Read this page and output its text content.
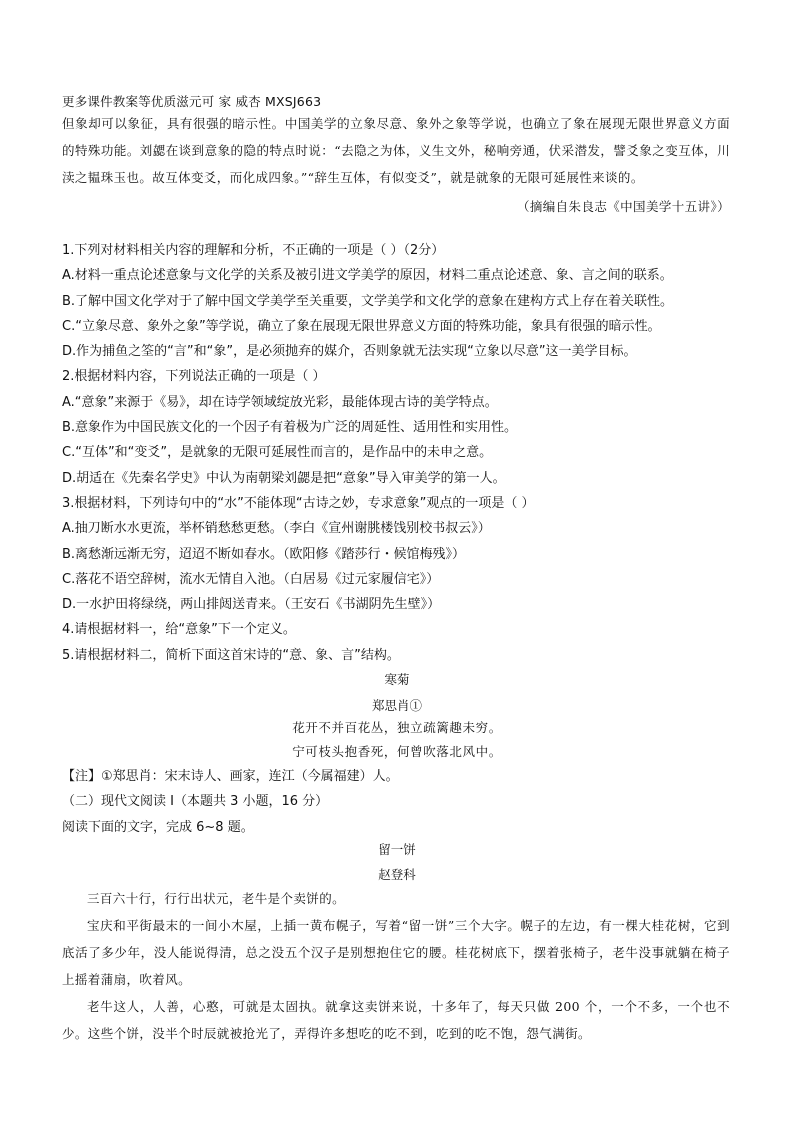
更多课件教案等优质滋元可 家 威杏 MXSJ663

但象却可以象征，具有很强的暗示性。中国美学的立象尽意、象外之象等学说，也确立了象在展现无限世界意义方面的特殊功能。刘勰在谈到意象的隐的特点时说：“去隐之为体，义生文外，秘响旁通，伏采潜发，譬爻象之变互体，川渎之韫珠玉也。故互体变爻，而化成四象。”“辞生互体，有似变爻”，就是就象的无限可延展性来谈的。

（摘编自朱良志《中国美学十五讲》）

1.下列对材料相关内容的理解和分析，不正确的一项是（ ）（2分）
A.材料一重点论述意象与文化学的关系及被引进文学美学的原因，材料二重点论述意、象、言之间的联系。
B.了解中国文化学对于了解中国文学美学至关重要，文学美学和文化学的意象在建构方式上存在着关联性。
C.“立象尽意、象外之象”等学说，确立了象在展现无限世界意义方面的特殊功能，象具有很强的暗示性。
D.作为捕鱼之筌的“言”和“象”，是必须抛弃的媒介，否则象就无法实现“立象以尽意”这一美学目标。
2.根据材料内容，下列说法正确的一项是（ ）
A.“意象”来源于《易》，却在诗学领域绽放光彩，最能体现古诗的美学特点。
B.意象作为中国民族文化的一个因子有着极为广泛的周延性、适用性和实用性。
C.“互体”和“变爻”，是就象的无限可延展性而言的，是作品中的未申之意。
D.胡适在《先秦名学史》中认为南朝梁刘勰是把“意象”导入审美学的第一人。
3.根据材料，下列诗句中的“水”不能体现“古诗之妙，专求意象”观点的一项是（ ）
A.抽刀断水水更流，举杯销愁愁更愁。（李白《宣州谢朓楼饯别校书叔云》）
B.离愁渐远渐无穷，迢迢不断如春水。（欧阳修《踏莎行・候馆梅残》）
C.落花不语空辞树，流水无情自入池。（白居易《过元家履信宅》）
D.一水护田将绿绕，两山排闼送青来。（王安石《书湖阴先生壁》）
4.请根据材料一，给“意象”下一个定义。
5.请根据材料二，简析下面这首宋诗的“意、象、言”结构。
寒菊
郑思肖①
花开不并百花丛，独立疏篱趣未穷。
宁可枝头抱香死，何曾吹落北风中。
【注】①郑思肖：宋末诗人、画家，连江（今属福建）人。
（二）现代文阅读 I（本题共 3 小题，16 分）
阅读下面的文字，完成 6~8 题。
留一饼
赵登科

三百六十行，行行出状元，老牛是个卖饼的。

宝庆和平街最末的一间小木屋，上插一黄布幌子，写着“留一饼”三个大字。幌子的左边，有一棵大桂花树，它到底活了多少年，没人能说得清，总之没五个汉子是别想抱住它的腰。桂花树底下，摆着张椅子，老牛没事就躺在椅子上摇着蒲扇，吹着风。

老牛这人，人善，心憨，可就是太固执。就拿这卖饼来说，十多年了，每天只做 200 个，一个不多，一个也不少。这些个饼，没半个时辰就被抢光了，弄得许多想吃的吃不到，吃到的吃不饱，怨气满街。
